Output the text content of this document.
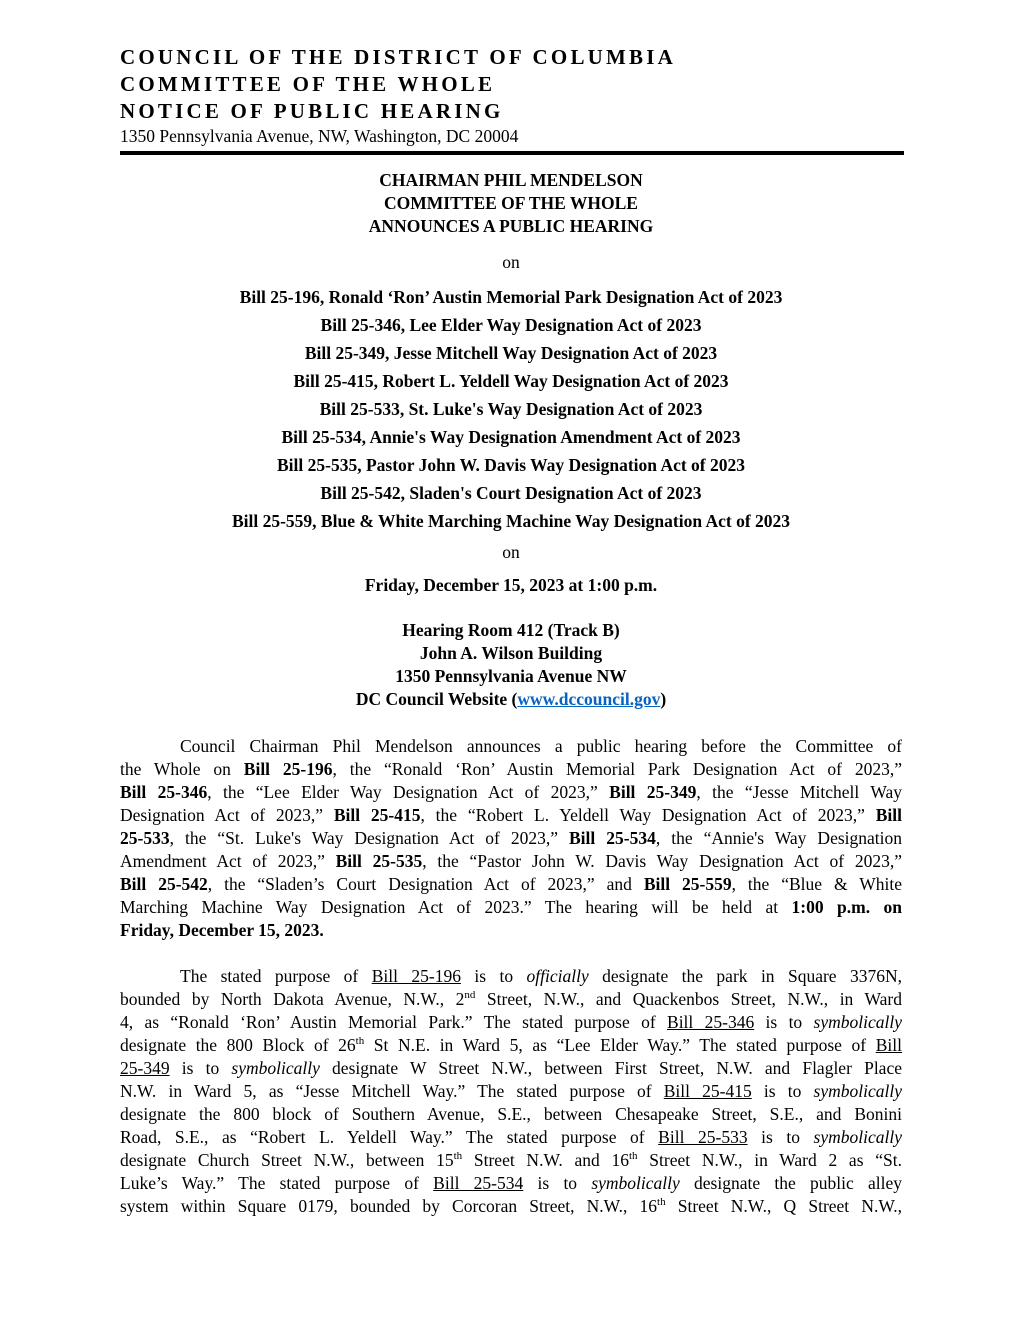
COUNCIL OF THE DISTRICT OF COLUMBIA
COMMITTEE OF THE WHOLE
NOTICE OF PUBLIC HEARING
1350 Pennsylvania Avenue, NW, Washington, DC 20004
CHAIRMAN PHIL MENDELSON
COMMITTEE OF THE WHOLE
ANNOUNCES A PUBLIC HEARING
on
Bill 25-196, Ronald ‘Ron’ Austin Memorial Park Designation Act of 2023
Bill 25-346, Lee Elder Way Designation Act of 2023
Bill 25-349, Jesse Mitchell Way Designation Act of 2023
Bill 25-415, Robert L. Yeldell Way Designation Act of 2023
Bill 25-533, St. Luke's Way Designation Act of 2023
Bill 25-534, Annie's Way Designation Amendment Act of 2023
Bill 25-535, Pastor John W. Davis Way Designation Act of 2023
Bill 25-542, Sladen's Court Designation Act of 2023
Bill 25-559, Blue & White Marching Machine Way Designation Act of 2023
on
Friday, December 15, 2023 at 1:00 p.m.
Hearing Room 412 (Track B)
John A. Wilson Building
1350 Pennsylvania Avenue NW
DC Council Website (www.dccouncil.gov)
Council Chairman Phil Mendelson announces a public hearing before the Committee of
the Whole on Bill 25-196, the “Ronald ‘Ron’ Austin Memorial Park Designation Act of 2023,”
Bill 25-346, the “Lee Elder Way Designation Act of 2023,” Bill 25-349, the “Jesse Mitchell Way
Designation Act of 2023,” Bill 25-415, the “Robert L. Yeldell Way Designation Act of 2023,” Bill
25-533, the “St. Luke's Way Designation Act of 2023,” Bill 25-534, the “Annie's Way Designation
Amendment Act of 2023,” Bill 25-535, the “Pastor John W. Davis Way Designation Act of 2023,”
Bill 25-542, the “Sladen’s Court Designation Act of 2023,” and Bill 25-559, the “Blue & White
Marching Machine Way Designation Act of 2023.” The hearing will be held at 1:00 p.m. on
Friday, December 15, 2023.
The stated purpose of Bill 25-196 is to officially designate the park in Square 3376N,
bounded by North Dakota Avenue, N.W., 2nd Street, N.W., and Quackenbos Street, N.W., in Ward
4, as “Ronald ‘Ron’ Austin Memorial Park.” The stated purpose of Bill 25-346 is to symbolically
designate the 800 Block of 26th St N.E. in Ward 5, as “Lee Elder Way.” The stated purpose of Bill
25-349 is to symbolically designate W Street N.W., between First Street, N.W. and Flagler Place
N.W. in Ward 5, as “Jesse Mitchell Way.” The stated purpose of Bill 25-415 is to symbolically
designate the 800 block of Southern Avenue, S.E., between Chesapeake Street, S.E., and Bonini
Road, S.E., as “Robert L. Yeldell Way.” The stated purpose of Bill 25-533 is to symbolically
designate Church Street N.W., between 15th Street N.W. and 16th Street N.W., in Ward 2 as “St.
Luke’s Way.” The stated purpose of Bill 25-534 is to symbolically designate the public alley
system within Square 0179, bounded by Corcoran Street, N.W., 16th Street N.W., Q Street N.W.,
